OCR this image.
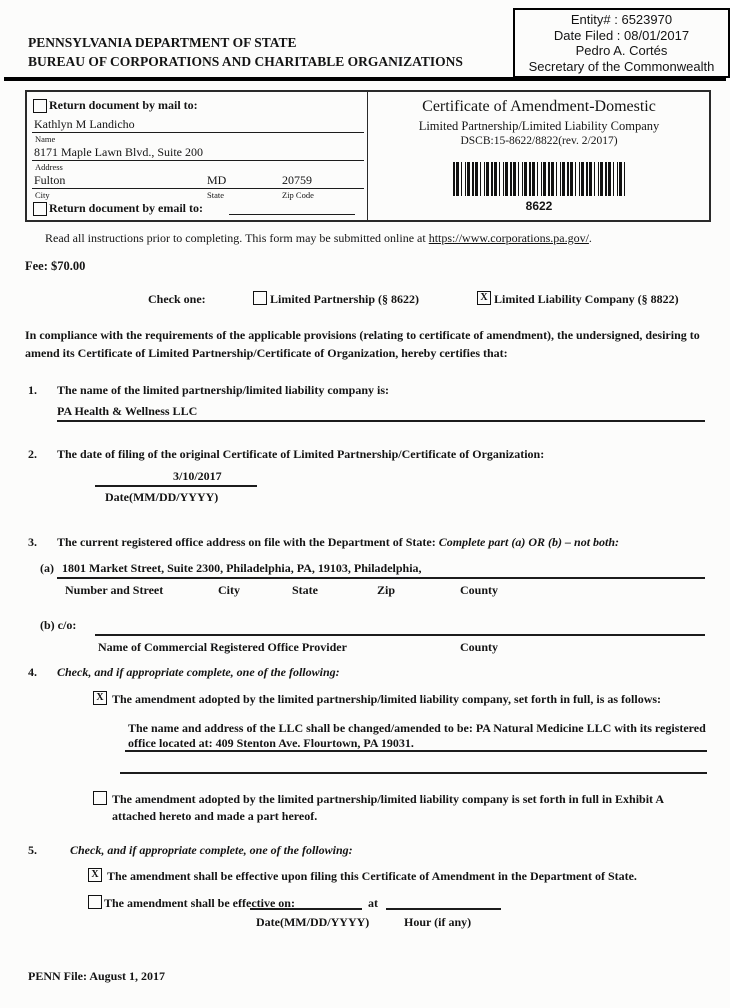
PENNSYLVANIA DEPARTMENT OF STATE
BUREAU OF CORPORATIONS AND CHARITABLE ORGANIZATIONS
Entity# : 6523970
Date Filed : 08/01/2017
Pedro A. Cortés
Secretary of the Commonwealth
Return document by mail to:
Kathlyn M Landicho
Name
8171 Maple Lawn Blvd., Suite 200
Address
Fulton	MD	20759
City	State	Zip Code
Return document by email to:
Certificate of Amendment-Domestic
Limited Partnership/Limited Liability Company
DSCB:15-8622/8822(rev. 2/2017)
8622
Read all instructions prior to completing. This form may be submitted online at https://www.corporations.pa.gov/.
Fee: $70.00
Check one:	Limited Partnership (§ 8622)	X Limited Liability Company (§ 8822)
In compliance with the requirements of the applicable provisions (relating to certificate of amendment), the undersigned, desiring to amend its Certificate of Limited Partnership/Certificate of Organization, hereby certifies that:
1. The name of the limited partnership/limited liability company is:
PA Health & Wellness LLC
2. The date of filing of the original Certificate of Limited Partnership/Certificate of Organization:
3/10/2017
Date(MM/DD/YYYY)
3. The current registered office address on file with the Department of State: Complete part (a) OR (b) – not both:
(a) 1801 Market Street, Suite 2300, Philadelphia, PA, 19103, Philadelphia,
Number and Street	City	State	Zip	County
(b) c/o:
Name of Commercial Registered Office Provider	County
4. Check, and if appropriate complete, one of the following:
X The amendment adopted by the limited partnership/limited liability company, set forth in full, is as follows:
The name and address of the LLC shall be changed/amended to be: PA Natural Medicine LLC with its registered office located at: 409 Stenton Ave. Flourtown, PA 19031.
The amendment adopted by the limited partnership/limited liability company is set forth in full in Exhibit A attached hereto and made a part hereof.
5.	Check, and if appropriate complete, one of the following:
X The amendment shall be effective upon filing this Certificate of Amendment in the Department of State.
The amendment shall be effective on:	at
Date(MM/DD/YYYY)	Hour (if any)
PENN File: August 1, 2017
